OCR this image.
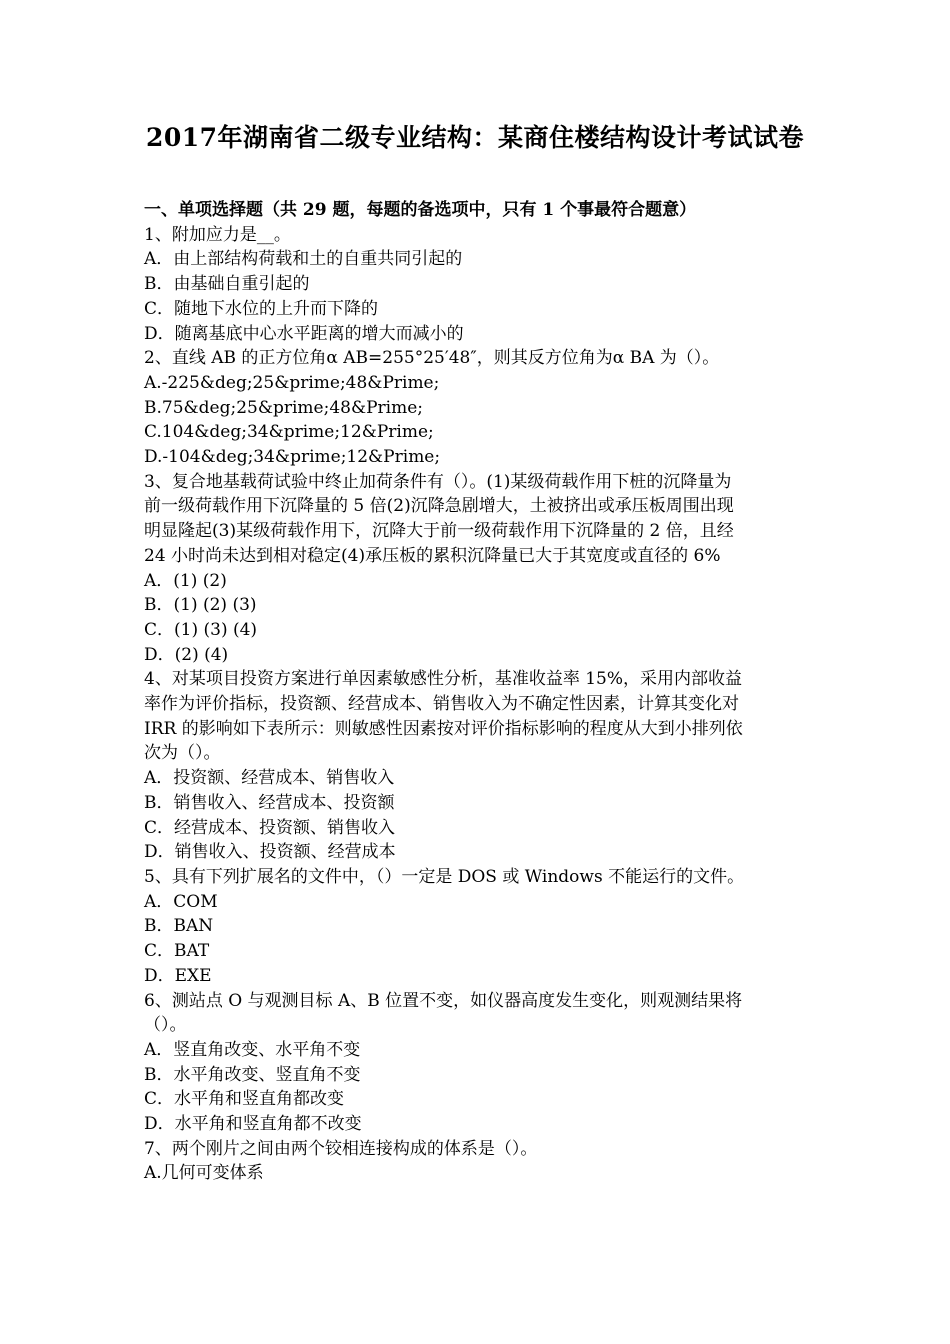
2017年湖南省二级专业结构：某商住楼结构设计考试试卷
一、单项选择题（共 29 题，每题的备选项中，只有 1 个事最符合题意）
1、附加应力是__。
A．由上部结构荷载和土的自重共同引起的
B．由基础自重引起的
C．随地下水位的上升而下降的
D．随离基底中心水平距离的增大而减小的
2、直线 AB 的正方位角α AB=255°25′48″，则其反方位角为α BA 为（）。
A.-225&deg;25&prime;48&Prime;
B.75&deg;25&prime;48&Prime;
C.104&deg;34&prime;12&Prime;
D.-104&deg;34&prime;12&Prime;
3、复合地基载荷试验中终止加荷条件有（）。(1)某级荷载作用下桩的沉降量为
前一级荷载作用下沉降量的 5 倍(2)沉降急剧增大，土被挤出或承压板周围出现
明显隆起(3)某级荷载作用下，沉降大于前一级荷载作用下沉降量的 2 倍，且经
24 小时尚未达到相对稳定(4)承压板的累积沉降量已大于其宽度或直径的 6%
A．(1) (2)
B．(1) (2) (3)
C．(1) (3) (4)
D．(2) (4)
4、对某项目投资方案进行单因素敏感性分析，基准收益率 15%，采用内部收益
率作为评价指标，投资额、经营成本、销售收入为不确定性因素，计算其变化对
IRR 的影响如下表所示：则敏感性因素按对评价指标影响的程度从大到小排列依
次为（）。
A．投资额、经营成本、销售收入
B．销售收入、经营成本、投资额
C．经营成本、投资额、销售收入
D．销售收入、投资额、经营成本
5、具有下列扩展名的文件中，（）一定是 DOS 或 Windows 不能运行的文件。
A．COM
B．BAN
C．BAT
D．EXE
6、测站点 O 与观测目标 A、B 位置不变，如仪器高度发生变化，则观测结果将
（）。
A．竖直角改变、水平角不变
B．水平角改变、竖直角不变
C．水平角和竖直角都改变
D．水平角和竖直角都不改变
7、两个刚片之间由两个铰相连接构成的体系是（）。
A.几何可变体系
